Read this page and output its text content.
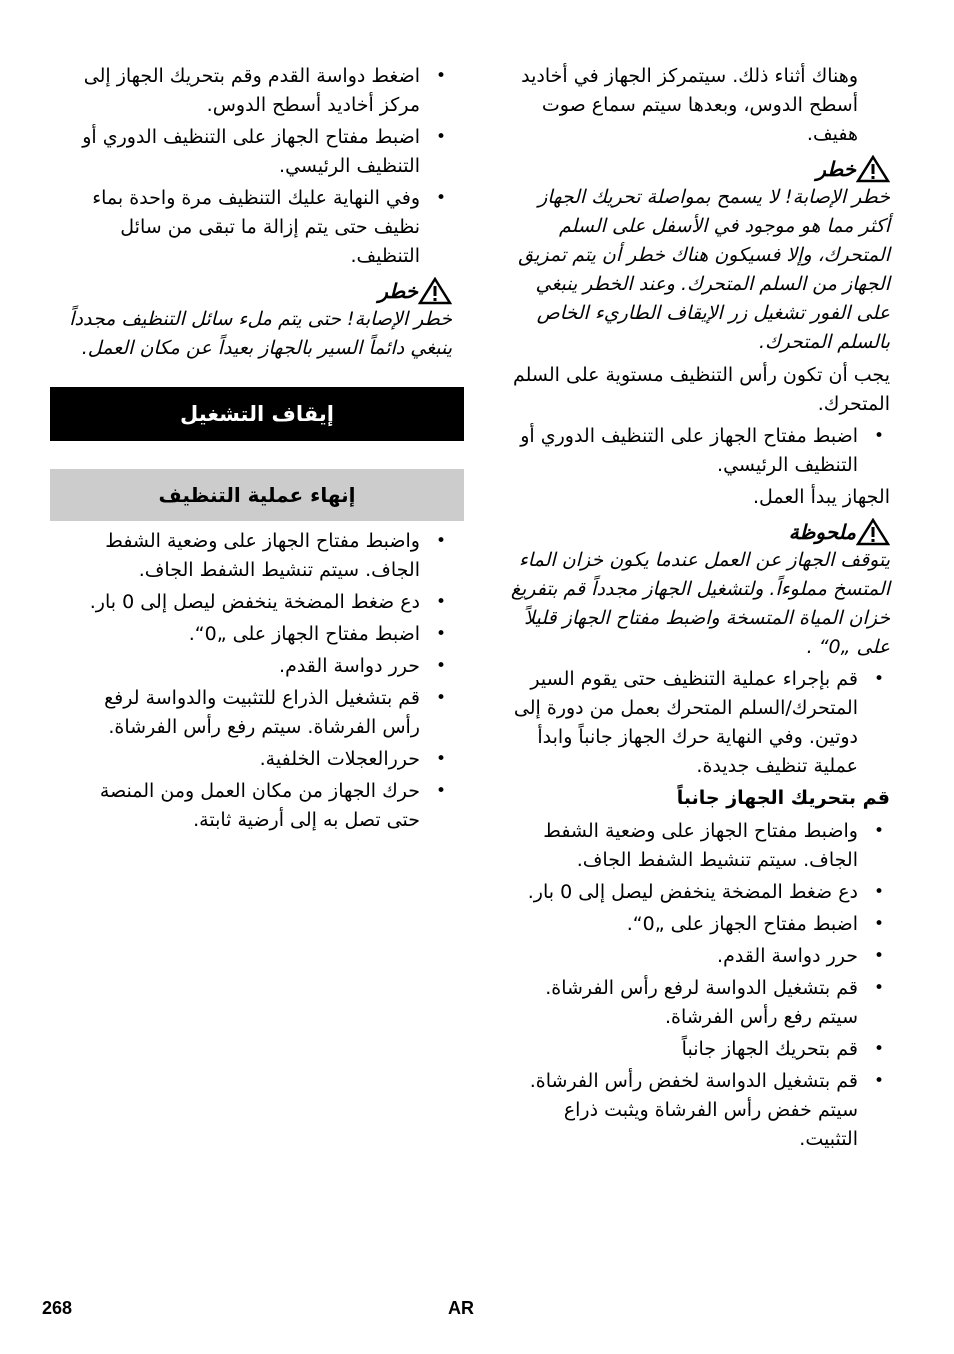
وهناك أثناء ذلك. سيتمركز الجهاز في أخاديد أسطح الدوس، وبعدها سيتم سماع صوت هفيف.

خطر

خطر الإصابة! لا يسمح بمواصلة تحريك الجهاز أكثر مما هو موجود في الأسفل على السلم المتحرك، وإلا فسيكون هناك خطر أن يتم تمزيق الجهاز من السلم المتحرك. وعند الخطر ينبغي على الفور تشغيل زر الإيقاف الطاريء الخاص بالسلم المتحرك.

يجب أن تكون رأس التنظيف مستوية على السلم المتحرك.

• اضبط مفتاح الجهاز على التنظيف الدوري أو التنظيف الرئيسي.

الجهاز يبدأ العمل.

ملحوظة

يتوقف الجهاز عن العمل عندما يكون خزان الماء المتسخ مملوءاً. ولتشغيل الجهاز مجدداً قم بتفريغ خزان المياة المتسخة واضبط مفتاح الجهاز قليلاً على „0“ .

• قم بإجراء عملية التنظيف حتى يقوم السير المتحرك/السلم المتحرك بعمل من دورة إلى دوتين. وفي النهاية حرك الجهاز جانباً وابدأ عملية تنظيف جديدة.

قم بتحريك الجهاز جانباً

• واضبط مفتاح الجهاز على وضعية الشفط الجاف. سيتم تنشيط الشفط الجاف.
• دع ضغط المضخة ينخفض ليصل إلى 0 بار.
• اضبط مفتاح الجهاز على „0“.
• حرر دواسة القدم.
• قم بتشغيل الدواسة لرفع رأس الفرشاة. سيتم رفع رأس الفرشاة.
• قم بتحريك الجهاز جانباً
• قم بتشغيل الدواسة لخفض رأس الفرشاة. سيتم خفض رأس الفرشاة ويثبت ذراع التثبيت.
• اضغط دواسة القدم وقم بتحريك الجهاز إلى مركز أخاديد أسطح الدوس.
• اضبط مفتاح الجهاز على التنظيف الدوري أو التنظيف الرئيسي.
• وفي النهاية عليك التنظيف مرة واحدة بماء نظيف حتى يتم إزالة ما تبقى من سائل التنظيف.
خطر

خطر الإصابة! حتى يتم ملء سائل التنظيف مجدداً ينبغي دائماً السير بالجهاز بعيداً عن مكان العمل.

إيقاف التشغيل
إنهاء عملية التنظيف
• واضبط مفتاح الجهاز على وضعية الشفط الجاف. سيتم تنشيط الشفط الجاف.
• دع ضغط المضخة ينخفض ليصل إلى 0 بار.
• اضبط مفتاح الجهاز على „0“.
• حرر دواسة القدم.
• قم بتشغيل الذراع للتثبيت والدواسة لرفع رأس الفرشاة. سيتم رفع رأس الفرشاة.
• حررالعجلات الخلفية.
• حرك الجهاز من مكان العمل ومن المنصة حتى تصل به إلى أرضية ثابتة.
268	AR
